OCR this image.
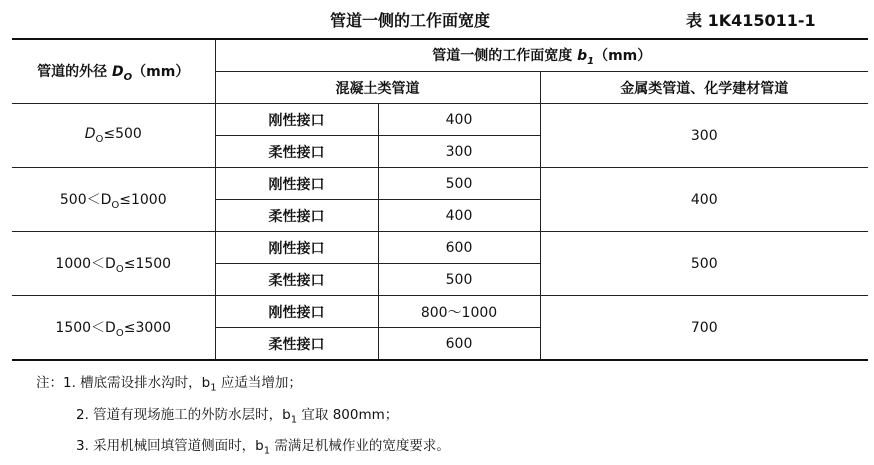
管道一侧的工作面宽度	表 1K415011-1
管道的外径 $D_O(mm)$	管道一侧的工作面宽度 $b_1(mm)$		
	混凝土类管道		金属类管道、化学建材管道
$D_O\le 500$	刚性接口	400	300
	柔性接口	300	
$500<D_O\le 1000$	刚性接口	500	400
	柔性接口	400	
$1000<D_O\le 1500$	刚性接口	600	500
	柔性接口	500	
$1500<D_O\le 3000$	刚性接口	800～1000	700
	柔性接口	600	
注：1. 槽底需设排水沟时，$b_1$ 应适当增加；
2. 管道有现场施工的外防水层时，$b_1$ 宜取 800mm；
3. 采用机械回填管道侧面时，$b_1$ 需满足机械作业的宽度要求。
